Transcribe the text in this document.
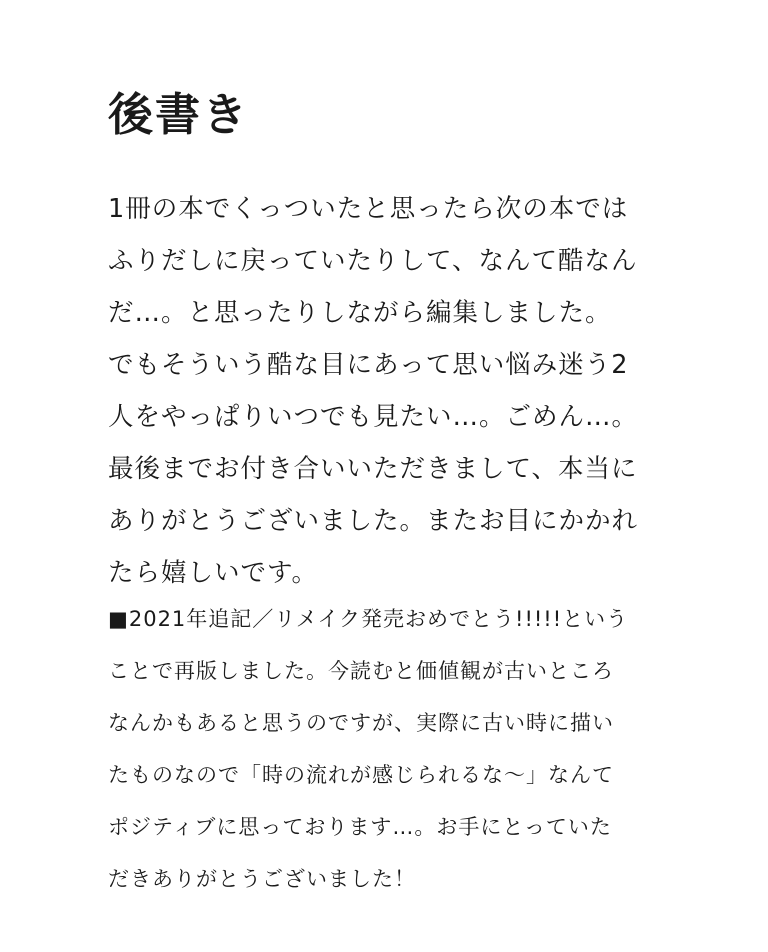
後書き
1冊の本でくっついたと思ったら次の本では
ふりだしに戻っていたりして、なんて酷なん
だ…。と思ったりしながら編集しました。
でもそういう酷な目にあって思い悩み迷う2
人をやっぱりいつでも見たい…。ごめん…。
最後までお付き合いいただきまして、本当に
ありがとうございました。またお目にかかれ
たら嬉しいです。
■2021年追記／リメイク発売おめでとう!!!!!という
ことで再版しました。今読むと価値観が古いところ
なんかもあると思うのですが、実際に古い時に描い
たものなので「時の流れが感じられるな〜」なんて
ポジティブに思っております…。お手にとっていた
だきありがとうございました！
